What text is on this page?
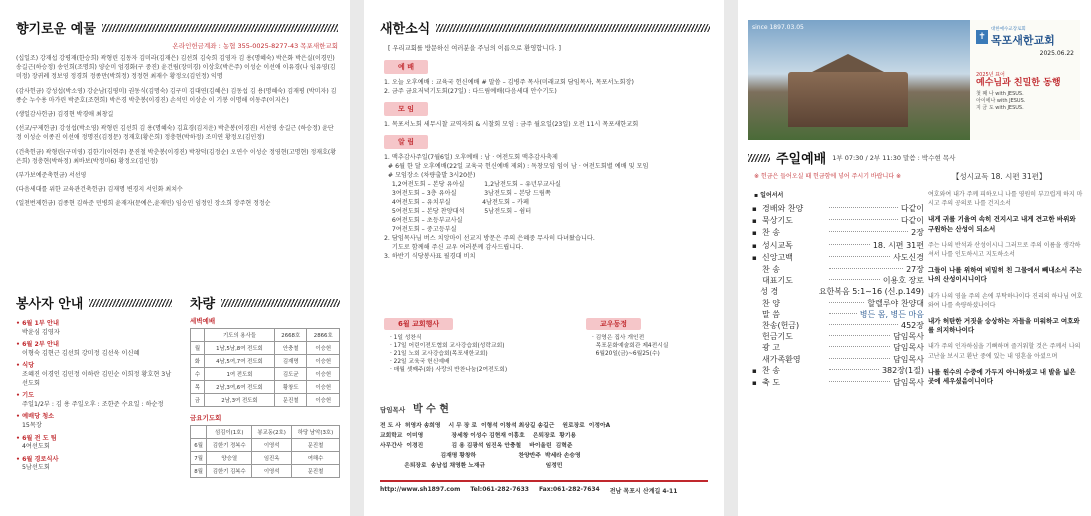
향기로운 예물
온라인헌금계좌 : 농협 355-0025-8277-43 목포새한교회
(십일조) 강재섭 강평재(한승희) 곽형린 김동자 김미라(김재은) 김선희 김숙희 김영자 김 용(명혜숙) 박은화 박은실(이경민) 송길근(하승정) 송인희(조명희) 양순미 엄경화(구 중진) 윤건림(장미경) 이상호(박은주) 이성순 이선애 이유경(나 임유영(김미정) 장귀례 정보영 정경희 정종만(박희정) 정정현 최재수 황정오(김인정) 익명
(감사헌금) 강성섭(박소영) 강순남(김평미) 권동식(김명숙) 김구미 김대연(김혜은) 김동섭 김 용(명혜숙) 김재평 (박미자) 김종순 누수용 마가린 박준호(조현희) 박은경 박춘봉(이경진) 손석민 이상순 이 기봉 이명해 이동주(이지은)
(생일감사헌금) 김경현 박경애 최창길
(선교/구제헌금) 강성섭(박소영) 곽형린 김선희 김 용(명혜숙) 김효경(김지운) 박춘봉(이경진) 서선영 송길근 (하승정) 윤단정 이성순 이종진 이선애 정명진(김정문) 정재호(황은희) 정충현(박하정) 조미연 황정오(김인정)
(건축헌금) 곽형린(구미영) 김한기(이현주) 문진철 박춘봉(이경진) 박창덕(김정순) 오연수 이성순 정영현(고명현) 정재호(황은희) 정충현(박하정) 최바보(박정미6) 황정오(김인정)
(부가보예준축헌금) 서선영
(다음세대를 위한 교육관건축헌금) 김재명 변경지 서인화 최치수
(일천번제헌금) 김종현 김하준 민병희 윤재자(문예은,윤재민) 임승민 임정인 장소희 장주현 정정순
봉사자 안내
• 6월 1부 안내
박윤심 김영자
• 6월 2부 안내
이형숙 김현근 김선희 강미정 김선욱 이신혜
• 식당
조혜진 이경인 김민정 이하란 김민순 이희정 황호현 3남선도회
• 기도
주일1/2부 : 김 용 주일오후 : 조한준 수요일 : 하순정
• 예배당 청소
15목장
• 6월 전 도 팀
4여선도회
• 6월 경로식사
5남선도회
차량
세벽예배
	기도의 용사들	2668호	2866호
월	1남,5남,8여 전도회	안충철	이승헌
화	4남,5여,7여 전도회	김재명	이승헌
수	1여 전도회	김도균	이승헌
목	2남,3여,6여 전도회	황창도	이승헌
금	2남,3여 전도회	문진철	이승헌
금요기도회
	섬김이(1호)	봉교동(2호)	하당 남악(3호)
6월	김한기 정복수	이영석	문진철
7월	양승열	임진옥	여해수
8월	김한기 김복수	이영석	문진철
새한소식
[ 우리교회를 방문하신 여러분을 주님의 이름으로 환영합니다. ]
예 배
1. 오늘 오후예배 : 교육국 헌신예배 # 말씀 – 김병주 목사(미래교회 담임목사, 목포서노회장)
2. 금주 금요저녁기도회(27일) : 다드림예배(다음세대 안수기도)
모 임
1. 목포서노회 세무시찰 교역자회 & 시찰회 모임 : 금주 월요일(23일) 오전 11시 목포새한교회
알 림
1. 맥추감사주일(7월6일) 오후예배 : 남 · 여전도회 맥추감사축제
# 6월 한 달 오후예배(22일 교육국 헌신예배 제외) : 독창모임 임이 남 · 여전도회별 예배 및 모임
# 모임장소 (차량출발 3시20분)
1,2여전도회 – 본당 유아실          1,2남전도회 – 유년부교사실
3여전도회 – 3층 유아실              3남전도회 – 본당 드림쪽
4여전도회 – 유치부실                4남전도회 – 카페
5여전도회 – 본당 찬양대석          5남전도회 – 쉼터
6여전도회 – 초등부교사실
7여전도회 – 중고등부실
2. 담임목사님 버스 치앙마이 선교지 방문은 주의 은혜중 무사히 다녀왔습니다.
기도로 함께해 주신 교우 여러분께 감사드립니다.
3. 하반기 식당봉사표 필경대 비치
6월 교회행사
· 1일 성찬식
· 17일 어린이전도협회 교사강습회(성락교회)
· 21일 노회 교사강습회(목포새한교회)
· 22일 교육국 헌신예배
· 매월 셋째주(화) 사랑의 반찬나눔(2여전도회)
교우동정
· 김영은 집사 개인전
목포문화예술회관 제4전시실
6월20일(금)~6월25(수)
담임목사 박 수 현
전 도 사  허영자 송희영    시 무 장 로  이형석 이창석 최상길 송길근    원로장로  이정아A
교회학교  이미영              장세창 이성수 김현재 이흥호    은퇴장로  황기용
사무간사  이경진              김 용 김광석 임진옥 안충철    바이올린  김혁준
김재명 황창하                     찬양반주  박세라 손승영
은퇴장로  송남섭 채영환 노재규                              임정민
http://www.sh1897.com Tel:061-282-7633 Fax:061-282-7634 전남 목포시 산계길 4-11
since 1897.03.05
✝
대한예수교장로회
목포새한교회
2025.06.22
2025년 표어
예수님과 친밀한 동행
첫 째 나 with JESUS.
아이에나 with JESUS.
지 금 도 with JESUS.
주일예배 1부 07:30 / 2부 11:30 말씀 : 박수현 목사
※ 헌금은 들어오실 때 헌금함에 넣어 주시기 바랍니다 ※
▪ 일어서서
▪ 경배와 찬양	다같이
▪ 묵상기도	다같이
▪ 찬 송	2장
▪ 성시교독	18. 시편 31편
▪ 신앙고백	사도신경
찬 송	27장
대표기도	이용호 장로
성 경	요한복음 5:1~16 (신.p.149)
찬 양	할렐루야 찬양대
말 씀	병든 몸, 병든 마음
찬송(헌금)	452장
헌금기도	담임목사
광 고	담임목사
새가족환영	담임목사
▪ 찬 송	382장(1절)
▪ 축 도	담임목사
【성시교독 18. 시편 31편】
여호와여 내가 주께 피하오니 나를 영원히 부끄럽게 하지 마시고 주의 공의로 나를 건지소서
내게 귀를 기울여 속히 건지시고 내게 견고한 바위와 구원하는 산성이 되소서
주는 나의 반석과 산성이시니 그러므로 주의 이름을 생각하셔서 나를 인도하시고 지도하소서
그들이 나를 위하여 비밀히 친 그물에서 빼내소서 주는 나의 산성이시니이다
내가 나의 영을 주의 손에 부탁하나이다 진리의 하나님 여호와여 나를 속량하셨나이다
내가 허탄한 거짓을 숭상하는 자들을 미워하고 여호와를 의지하나이다
내가 주의 인자하심을 기뻐하며 즐거워할 것은 주께서 나의 고난을 보시고 환난 중에 있는 내 영혼을 아셨으며
나를 원수의 수중에 가두지 아니하셨고 내 발을 넓은 곳에 세우셨음이니이다
